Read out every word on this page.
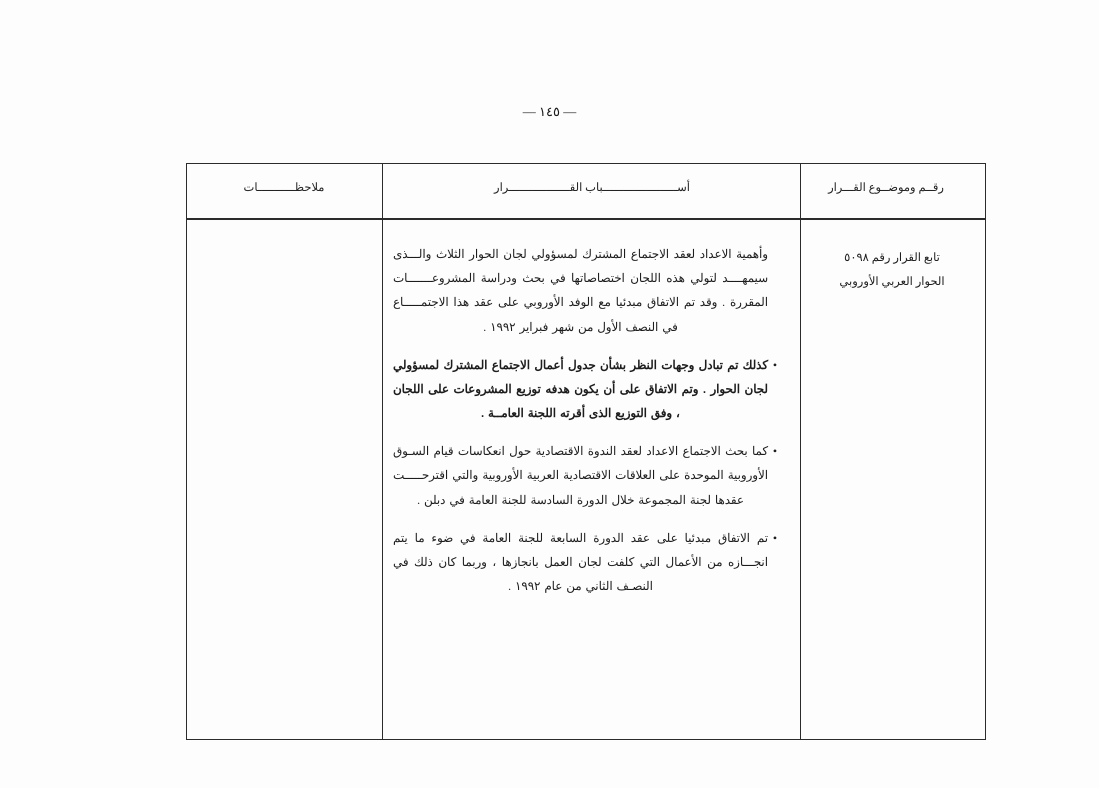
— ١٤٥ —
رقــم وموضــوع القـــرار
أســــــــــــــــــــــباب القــــــــــــــــــرار
ملاحظـــــــــــات
تابع القرار رقم ٥٠٩٨
الحوار العربي الأوروبي
وأهمية الاعداد لعقد الاجتماع المشترك لمسؤولي لجان الحوار الثلاث والـــذى سيمهــــد لتولي هذه اللجان اختصاصاتها في بحث ودراسة المشروعـــــــات المقررة . وقد تم الاتفاق مبدئيا مع الوفد الأوروبي على عقد هذا الاجتمـــــاع في النصف الأول من شهر فبراير ١٩٩٢ .
•
كذلك تم تبادل وجهات النظر بشأن جدول أعمال الاجتماع المشترك لمسؤولي لجان الحوار . وتم الاتفاق على أن يكون هدفه توزيع المشروعات على اللجان ، وفق التوزيع الذى أقرته اللجنة العامــة .
•
كما بحث الاجتماع الاعداد لعقد الندوة الاقتصادية حول انعكاسات قيام السـوق الأوروبية الموحدة على العلاقات الاقتصادية العربية الأوروبية والتي اقترحـــــت عقدها لجنة المجموعة خلال الدورة السادسة للجنة العامة في دبلن .
•
تم الاتفاق مبدئيا على عقد الدورة السابعة للجنة العامة في ضوء ما يتم انجـــازه من الأعمال التي كلفت لجان العمل بانجازها ، وربما كان ذلك في النصـف الثاني من عام ١٩٩٢ .
